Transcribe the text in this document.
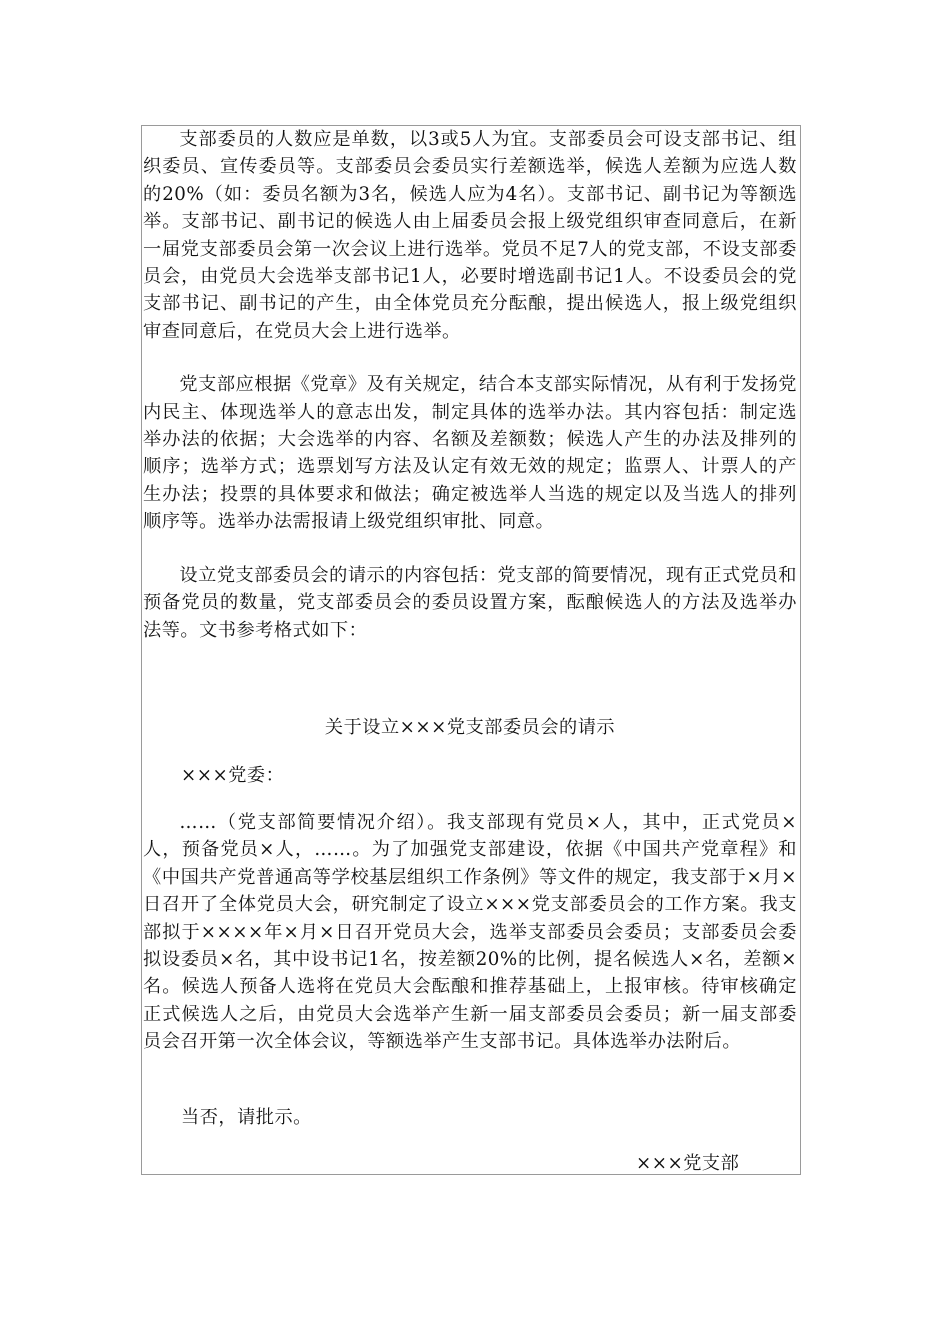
支部委员的人数应是单数，以3或5人为宜。支部委员会可设支部书记、组织委员、宣传委员等。支部委员会委员实行差额选举，候选人差额为应选人数的20%（如：委员名额为3名，候选人应为4名）。支部书记、副书记为等额选举。支部书记、副书记的候选人由上届委员会报上级党组织审查同意后，在新一届党支部委员会第一次会议上进行选举。党员不足7人的党支部，不设支部委员会，由党员大会选举支部书记1人，必要时增选副书记1人。不设委员会的党支部书记、副书记的产生，由全体党员充分酝酿，提出候选人，报上级党组织审查同意后，在党员大会上进行选举。

党支部应根据《党章》及有关规定，结合本支部实际情况，从有利于发扬党内民主、体现选举人的意志出发，制定具体的选举办法。其内容包括：制定选举办法的依据；大会选举的内容、名额及差额数；候选人产生的办法及排列的顺序；选举方式；选票划写方法及认定有效无效的规定；监票人、计票人的产生办法；投票的具体要求和做法；确定被选举人当选的规定以及当选人的排列顺序等。选举办法需报请上级党组织审批、同意。

设立党支部委员会的请示的内容包括：党支部的简要情况，现有正式党员和预备党员的数量，党支部委员会的委员设置方案，酝酿候选人的方法及选举办法等。文书参考格式如下：

关于设立×××党支部委员会的请示

×××党委：

……（党支部简要情况介绍）。我支部现有党员×人，其中，正式党员×人，预备党员×人，……。为了加强党支部建设，依据《中国共产党章程》和《中国共产党普通高等学校基层组织工作条例》等文件的规定，我支部于×月×日召开了全体党员大会，研究制定了设立×××党支部委员会的工作方案。我支部拟于××××年×月×日召开党员大会，选举支部委员会委员；支部委员会委拟设委员×名，其中设书记1名，按差额20%的比例，提名候选人×名，差额×名。候选人预备人选将在党员大会酝酿和推荐基础上，上报审核。待审核确定正式候选人之后，由党员大会选举产生新一届支部委员会委员；新一届支部委员会召开第一次全体会议，等额选举产生支部书记。具体选举办法附后。

当否，请批示。

×××党支部
